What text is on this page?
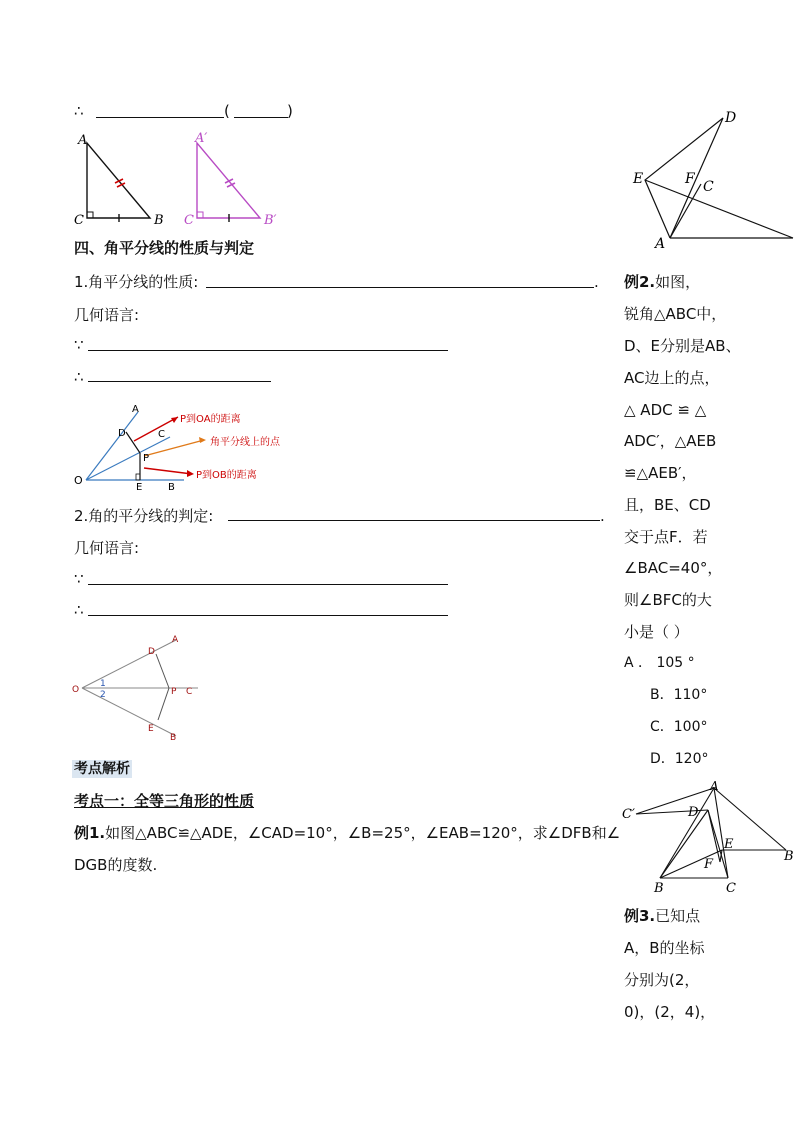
∴	(	)
A
C	B
A′
C	B′
四、角平分线的性质与判定
1.角平分线的性质:	.
几何语言:
∵
∴
O
A
D	C
P
E	B
P到OA的距离
角平分线上的点
P到OB的距离
2.角的平分线的判定:	.
几何语言:
∵
∴
O
A
D
P C
E
B
1
2
考点解析
考点一：全等三角形的性质
例1.如图△ABC≌△ADE，∠CAD=10°，∠B=25°，∠EAB=120°，求∠DFB和∠
DGB的度数.
D
E	F C
A
例2.如图，
锐角△ABC中，
D、E分别是AB、
AC边上的点，
△ ADC ≌ △
ADC′，△AEB
≌△AEB′，
且，BE、CD
交于点F．若
∠BAC=40°，
则∠BFC的大
小是（ ）
A ． 105 °
B．110°
C．100°
D．120°
C′
A
D
E
B
F
B	C
例3.已知点
A，B的坐标
分别为(2，
0)，(2，4)，
